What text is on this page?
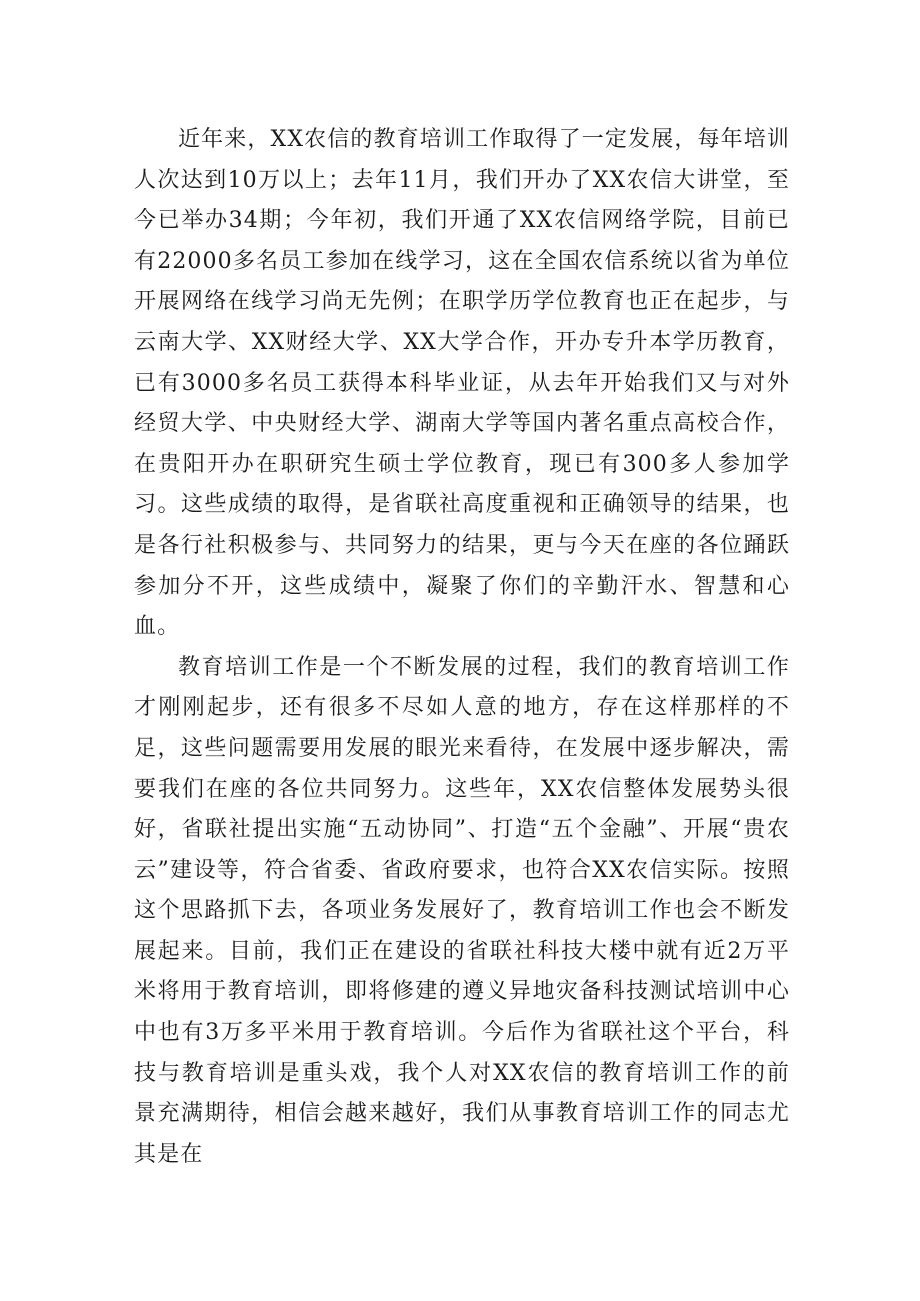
近年来，XX农信的教育培训工作取得了一定发展，每年培训人次达到10万以上；去年11月，我们开办了XX农信大讲堂，至今已举办34期；今年初，我们开通了XX农信网络学院，目前已有22000多名员工参加在线学习，这在全国农信系统以省为单位开展网络在线学习尚无先例；在职学历学位教育也正在起步，与云南大学、XX财经大学、XX大学合作，开办专升本学历教育，已有3000多名员工获得本科毕业证，从去年开始我们又与对外经贸大学、中央财经大学、湖南大学等国内著名重点高校合作，在贵阳开办在职研究生硕士学位教育，现已有300多人参加学习。这些成绩的取得，是省联社高度重视和正确领导的结果，也是各行社积极参与、共同努力的结果，更与今天在座的各位踊跃参加分不开，这些成绩中，凝聚了你们的辛勤汗水、智慧和心血。

教育培训工作是一个不断发展的过程，我们的教育培训工作才刚刚起步，还有很多不尽如人意的地方，存在这样那样的不足，这些问题需要用发展的眼光来看待，在发展中逐步解决，需要我们在座的各位共同努力。这些年，XX农信整体发展势头很好，省联社提出实施“五动协同”、打造“五个金融”、开展“贵农云”建设等，符合省委、省政府要求，也符合XX农信实际。按照这个思路抓下去，各项业务发展好了，教育培训工作也会不断发展起来。目前，我们正在建设的省联社科技大楼中就有近2万平米将用于教育培训，即将修建的遵义异地灾备科技测试培训中心中也有3万多平米用于教育培训。今后作为省联社这个平台，科技与教育培训是重头戏，我个人对XX农信的教育培训工作的前景充满期待，相信会越来越好，我们从事教育培训工作的同志尤其是在
